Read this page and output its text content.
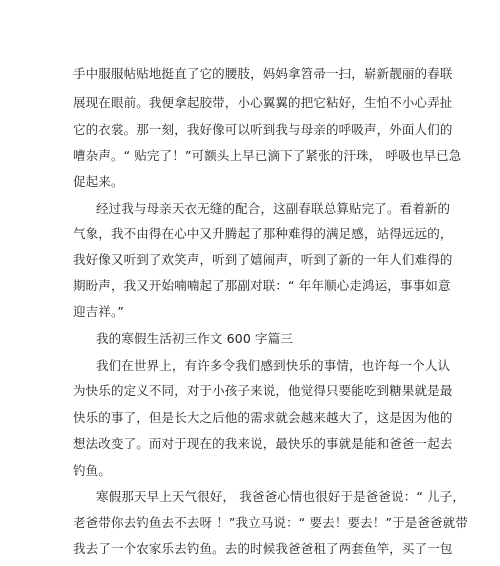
手中服服帖贴地挺直了它的腰肢，妈妈拿笤帚一扫，崭新靓丽的春联
展现在眼前。我便拿起胶带，小心翼翼的把它粘好，生怕不小心弄扯
它的衣裳。那一刻，我好像可以听到我与母亲的呼吸声，外面人们的
嘈杂声。“ 贴完了！”可额头上早已滴下了紧张的汗珠， 呼吸也早已急
促起来。
经过我与母亲天衣无缝的配合，这副春联总算贴完了。看着新的
气象，我不由得在心中又升腾起了那种难得的满足感，站得远远的，
我好像又听到了欢笑声，听到了嬉闹声，听到了新的一年人们难得的
期盼声，我又开始喃喃起了那副对联：“ 年年顺心走鸿运，事事如意
迎吉祥。”
我的寒假生活初三作文 600 字篇三
我们在世界上，有许多令我们感到快乐的事情，也许每一个人认
为快乐的定义不同，对于小孩子来说，他觉得只要能吃到糖果就是最
快乐的事了，但是长大之后他的需求就会越来越大了，这是因为他的
想法改变了。而对于现在的我来说，最快乐的事就是能和爸爸一起去
钓鱼。
寒假那天早上天气很好， 我爸爸心情也很好于是爸爸说：“ 儿子，
老爸带你去钓鱼去不去呀 ！”我立马说：“ 要去！要去！”于是爸爸就带
我去了一个农家乐去钓鱼。去的时候我爸爸租了两套鱼竿，买了一包
